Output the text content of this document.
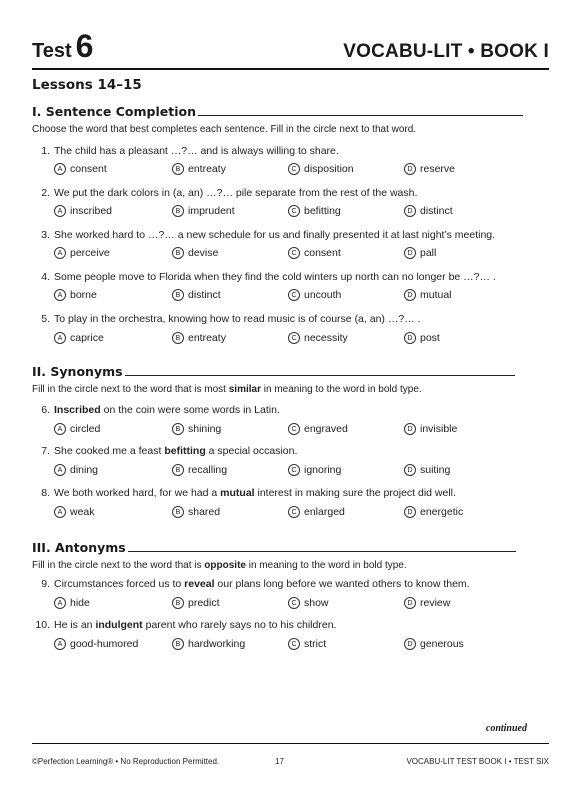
Test 6	VOCABU-LIT • BOOK I
Lessons 14–15
I. Sentence Completion
Choose the word that best completes each sentence. Fill in the circle next to that word.
1. The child has a pleasant …?… and is always willing to share.
A consent	B entreaty	C disposition	D reserve
2. We put the dark colors in (a, an) …?… pile separate from the rest of the wash.
A inscribed	B imprudent	C befitting	D distinct
3. She worked hard to …?… a new schedule for us and finally presented it at last night’s meeting.
A perceive	B devise	C consent	D pall
4. Some people move to Florida when they find the cold winters up north can no longer be …?… .
A borne	B distinct	C uncouth	D mutual
5. To play in the orchestra, knowing how to read music is of course (a, an) …?… .
A caprice	B entreaty	C necessity	D post
II. Synonyms
Fill in the circle next to the word that is most similar in meaning to the word in bold type.
6. Inscribed on the coin were some words in Latin.
A circled	B shining	C engraved	D invisible
7. She cooked me a feast befitting a special occasion.
A dining	B recalling	C ignoring	D suiting
8. We both worked hard, for we had a mutual interest in making sure the project did well.
A weak	B shared	C enlarged	D energetic
III. Antonyms
Fill in the circle next to the word that is opposite in meaning to the word in bold type.
9. Circumstances forced us to reveal our plans long before we wanted others to know them.
A hide	B predict	C show	D review
10. He is an indulgent parent who rarely says no to his children.
A good-humored	B hardworking	C strict	D generous
continued
©Perfection Learning® • No Reproduction Permitted.	17	VOCABU-LIT TEST BOOK I • TEST SIX
